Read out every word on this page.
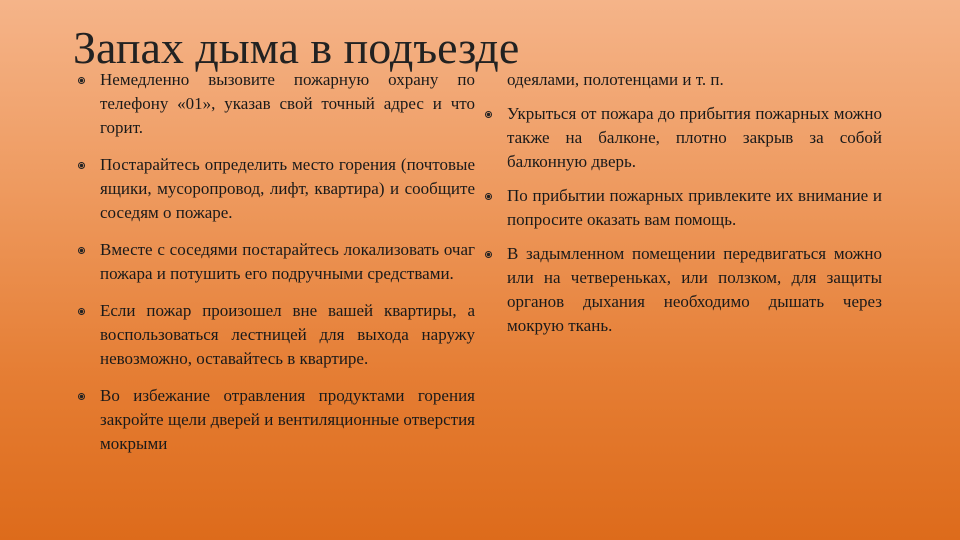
Запах дыма в подъезде
Немедленно вызовите пожарную охрану по телефону «01», указав свой точный адрес и что горит.
Постарайтесь определить место горения (почтовые ящики, мусоропровод, лифт, квартира) и сообщите соседям о пожаре.
Вместе с соседями постарайтесь локализовать очаг пожара и потушить его подручными средствами.
Если пожар произошел вне вашей квартиры, а воспользоваться лестницей для выхода наружу невозможно, оставайтесь в квартире.
Во избежание отравления продуктами горения закройте щели дверей и вентиляционные отверстия мокрыми
одеялами, полотенцами и т. п.
Укрыться от пожара до прибытия пожарных можно также на балконе, плотно закрыв за собой балконную дверь.
По прибытии пожарных привлеките их внимание и попросите оказать вам помощь.
В задымленном помещении передвигаться можно или на четвереньках, или ползком, для защиты органов дыхания необходимо дышать через мокрую ткань.
